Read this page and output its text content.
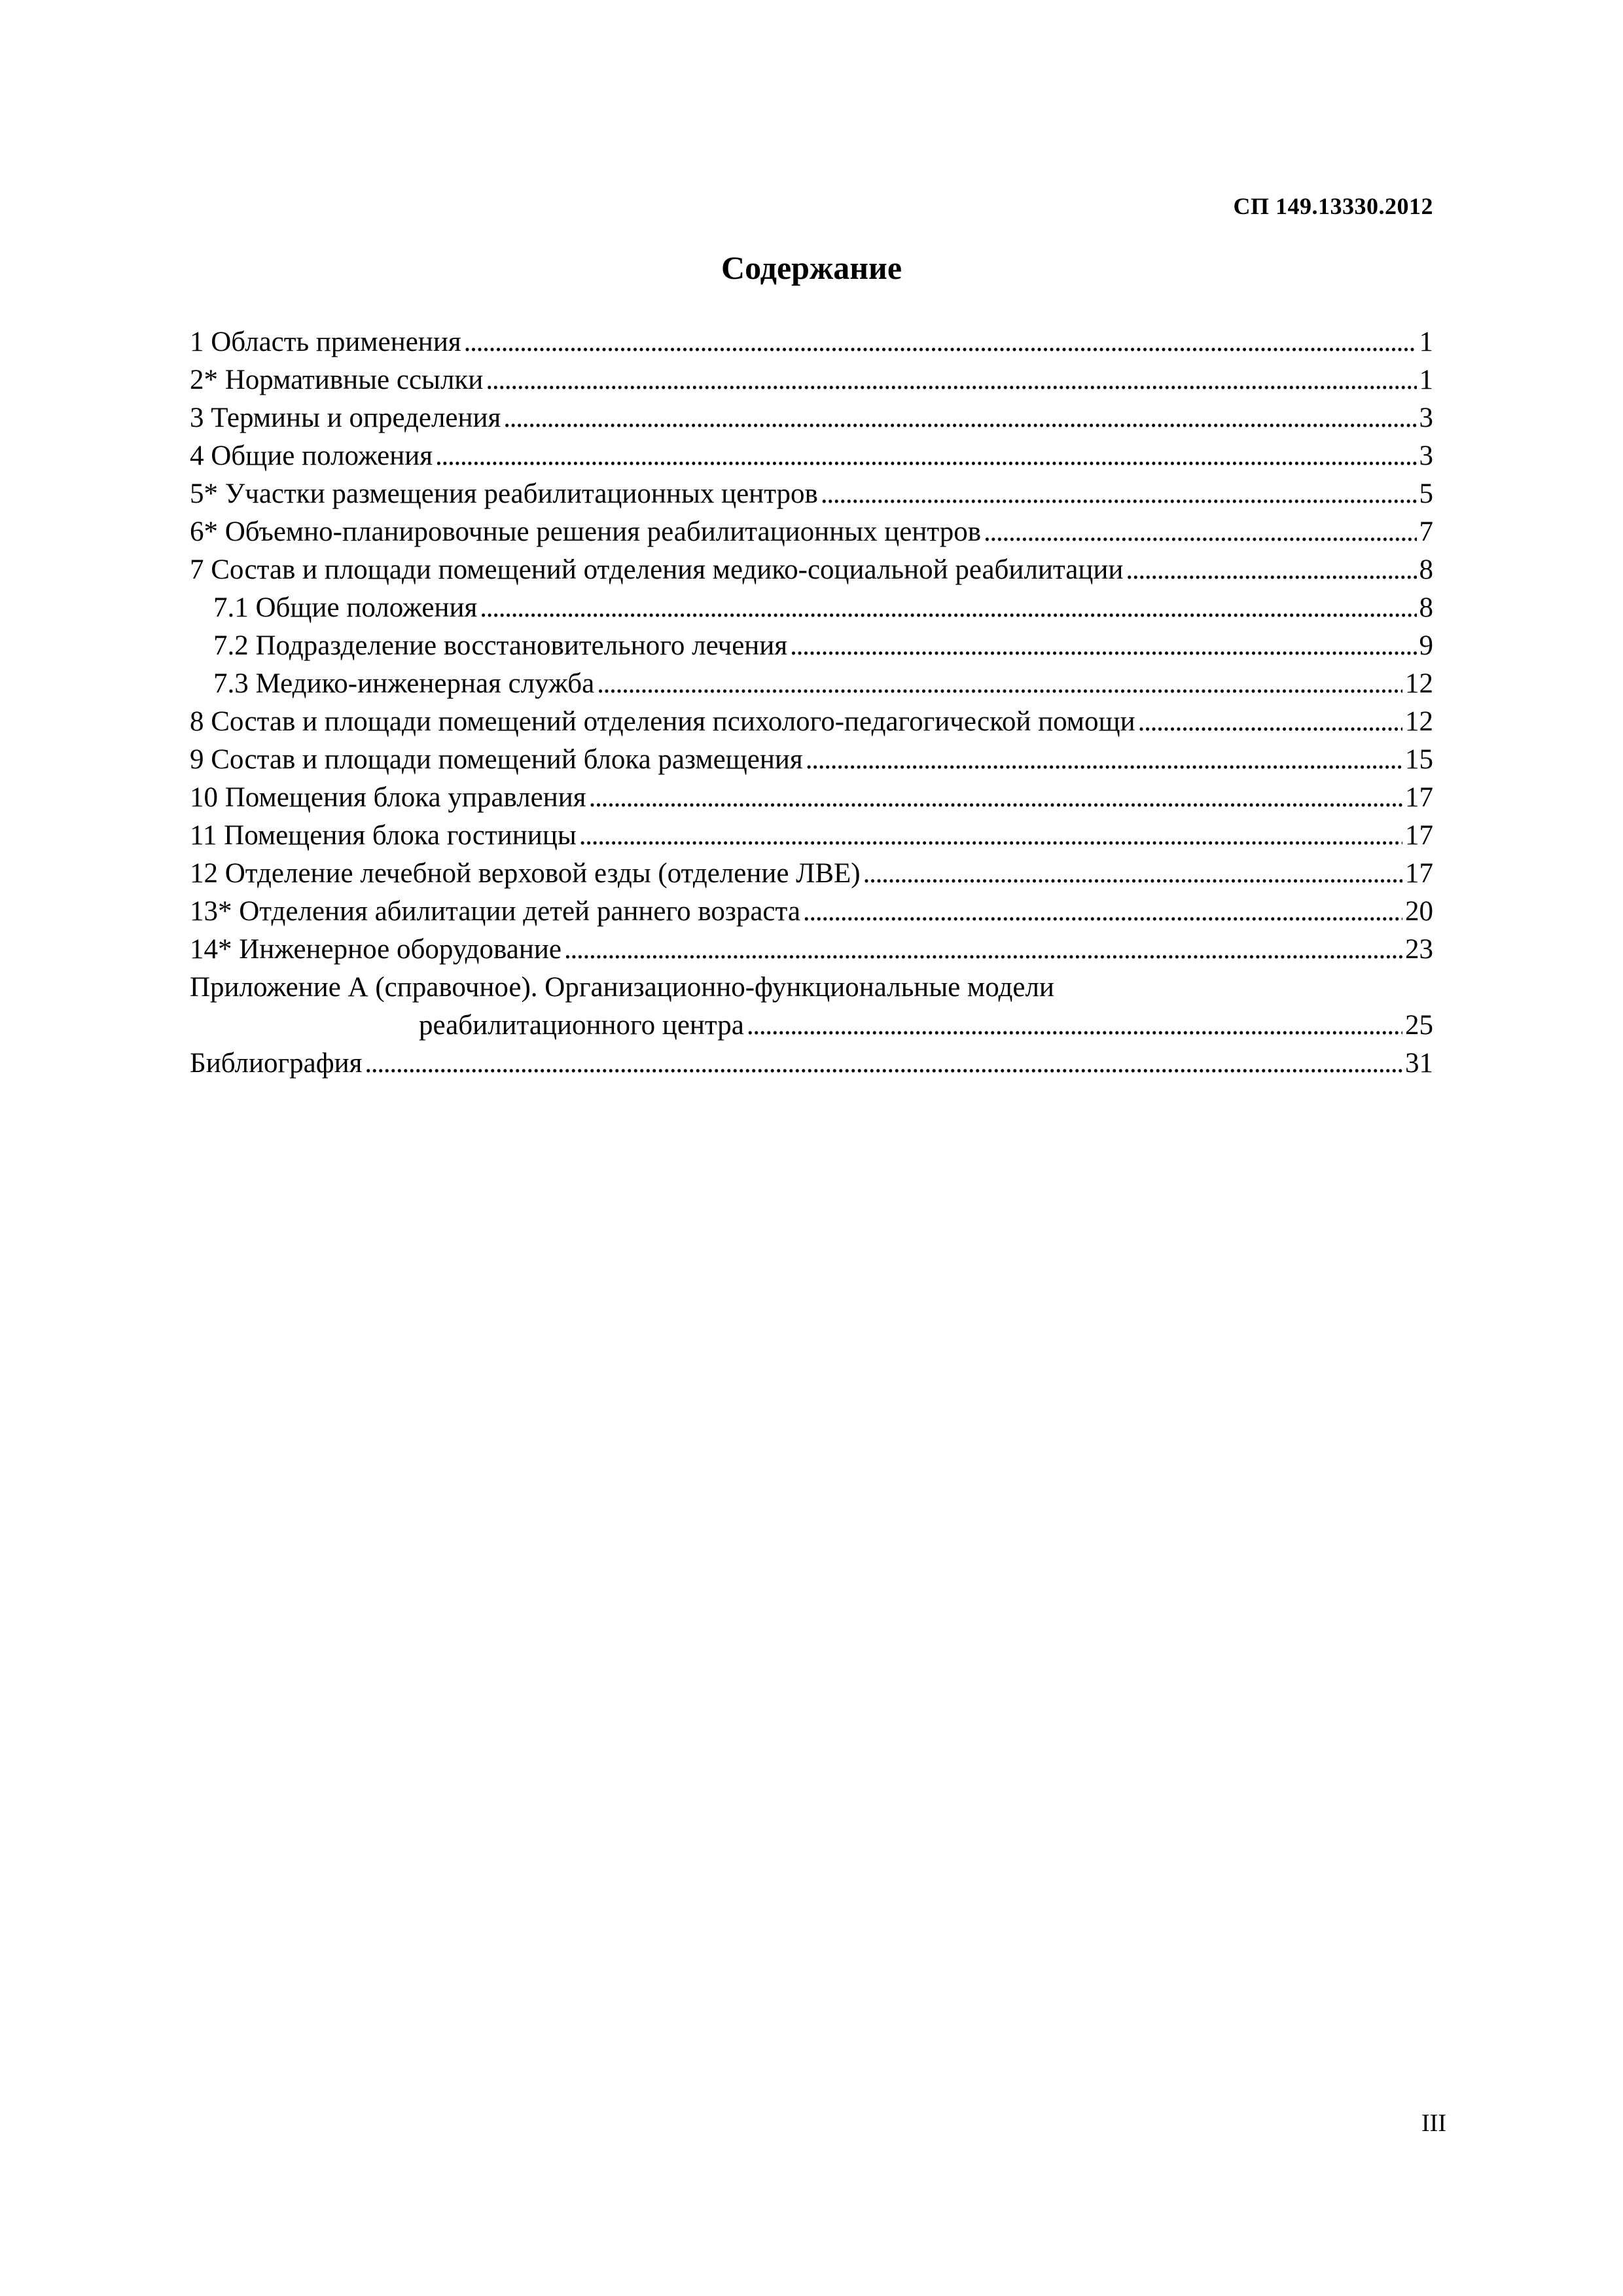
СП 149.13330.2012
Содержание
1 Область применения . . .	1
2* Нормативные ссылки . . .	1
3 Термины и определения . . .	3
4 Общие положения . . .	3
5* Участки размещения реабилитационных центров . . .	5
6* Объемно-планировочные решения реабилитационных центров . . .	7
7 Состав и площади помещений отделения медико-социальной реабилитации . . .	8
7.1 Общие положения . . .	8
7.2 Подразделение восстановительного лечения . . .	9
7.3 Медико-инженерная служба . . .	12
8 Состав и площади помещений отделения психолого-педагогической помощи . . .	12
9 Состав и площади помещений блока размещения . . .	15
10 Помещения блока управления . . .	17
11 Помещения блока гостиницы . . .	17
12 Отделение лечебной верховой езды (отделение ЛВЕ) . . .	17
13* Отделения абилитации детей раннего возраста . . .	20
14* Инженерное оборудование . . .	23
Приложение А (справочное). Организационно-функциональные модели
реабилитационного центра . . .	25
Библиография . . .	31
III
